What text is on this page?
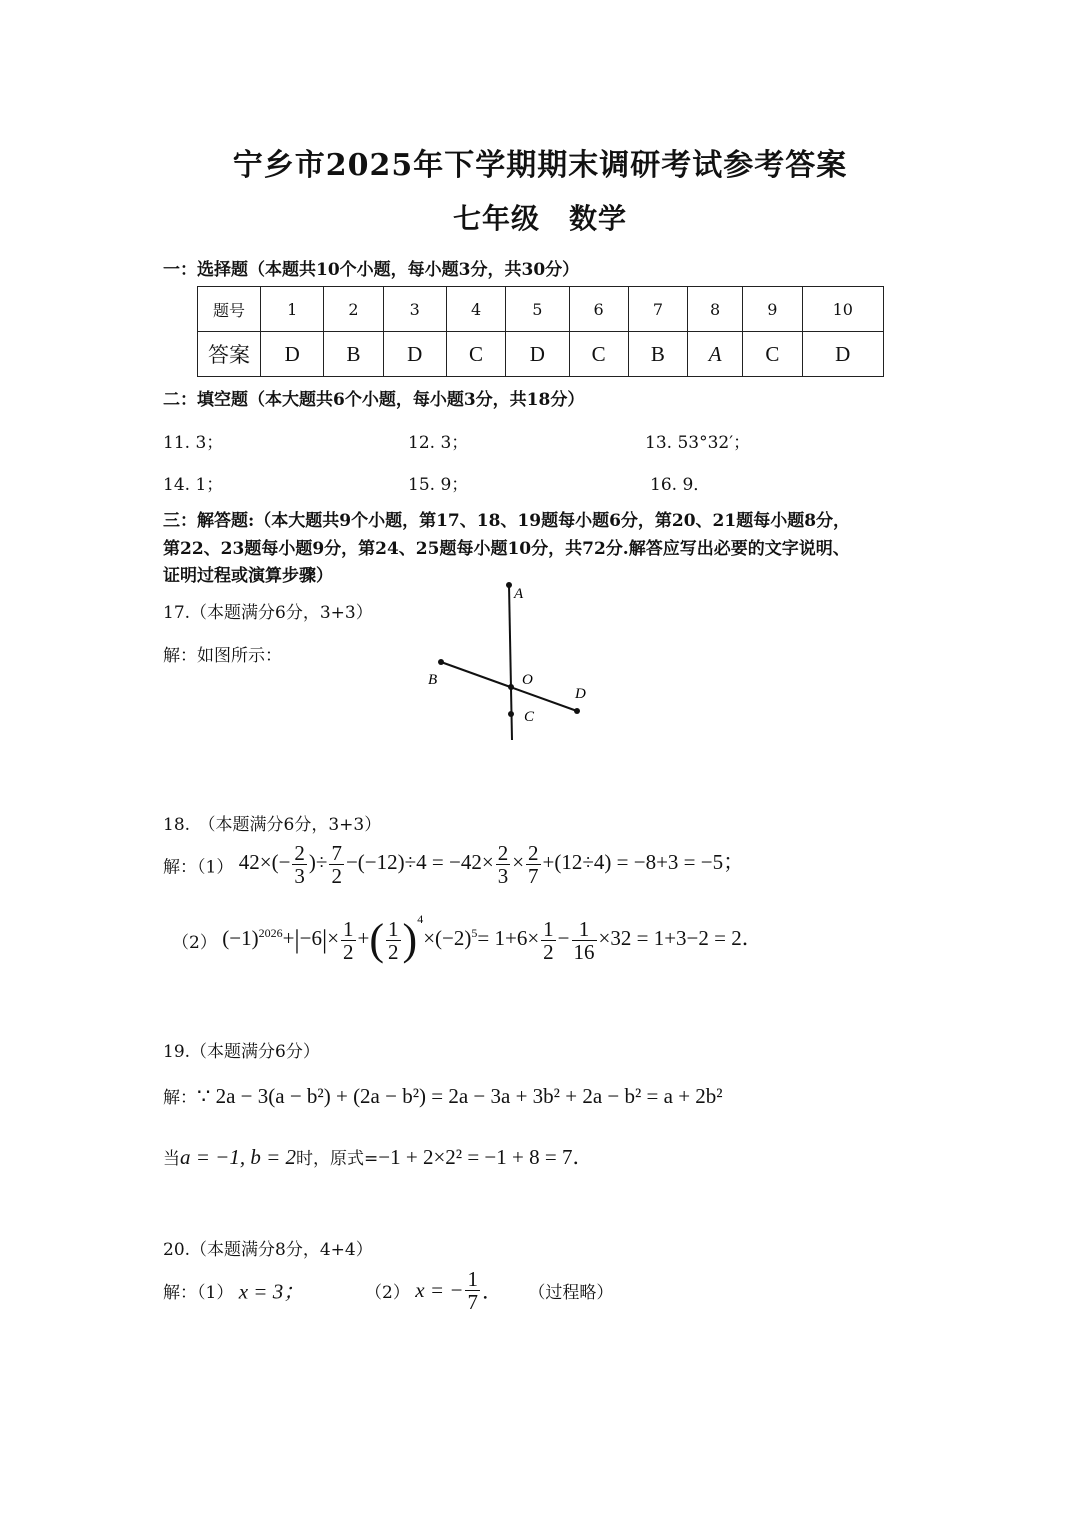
宁乡市2025年下学期期末调研考试参考答案
七年级　数学
一：选择题（本题共10个小题，每小题3分，共30分）
题号	1	2	3	4	5	6	7	8	9	10
答案	D	B	D	C	D	C	B	A	C	D
二：填空题（本大题共6个小题，每小题3分，共18分）
11. 3；	12. 3；	13. 53°32′；
14. 1；	15. 9；	16. 9．
三：解答题:（本大题共9个小题，第17、18、19题每小题6分，第20、21题每小题8分，
第22、23题每小题9分，第24、25题每小题10分，共72分.解答应写出必要的文字说明、
证明过程或演算步骤）
17.（本题满分6分，3+3）
解：如图所示：
A
B	O
C
D
18.　（本题满分6分，3+3）
解：（1） $42\times(- \frac{2}{3}$ )÷ $\frac{7}{2} -(-12)\div 4 = -42\times \frac{2}{3} \times \frac{2}{7} +(12\div 4) = -8+3 = -5$；
（2） $(-1)^{2026}+|-6|\times \frac{1}{2}$ +( $\frac{1}{2} )^4\times(-2)^5= 1+6\times \frac{1}{2} - \frac{1}{16} \times 32 = 1+3-2 = 2$．
19.（本题满分6分）
解：∵ 2a − 3(a − b²) + (2a − b²) = 2a − 3a + 3b² + 2a − b² = a + 2b²
当a = −1, b = 2时，原式=−1 + 2×2² = −1 + 8 = 7．
20.（本题满分8分，4+4）
解：（1） x = 3；	（2） x = − $\frac{1}{7}$ ． （过程略）
